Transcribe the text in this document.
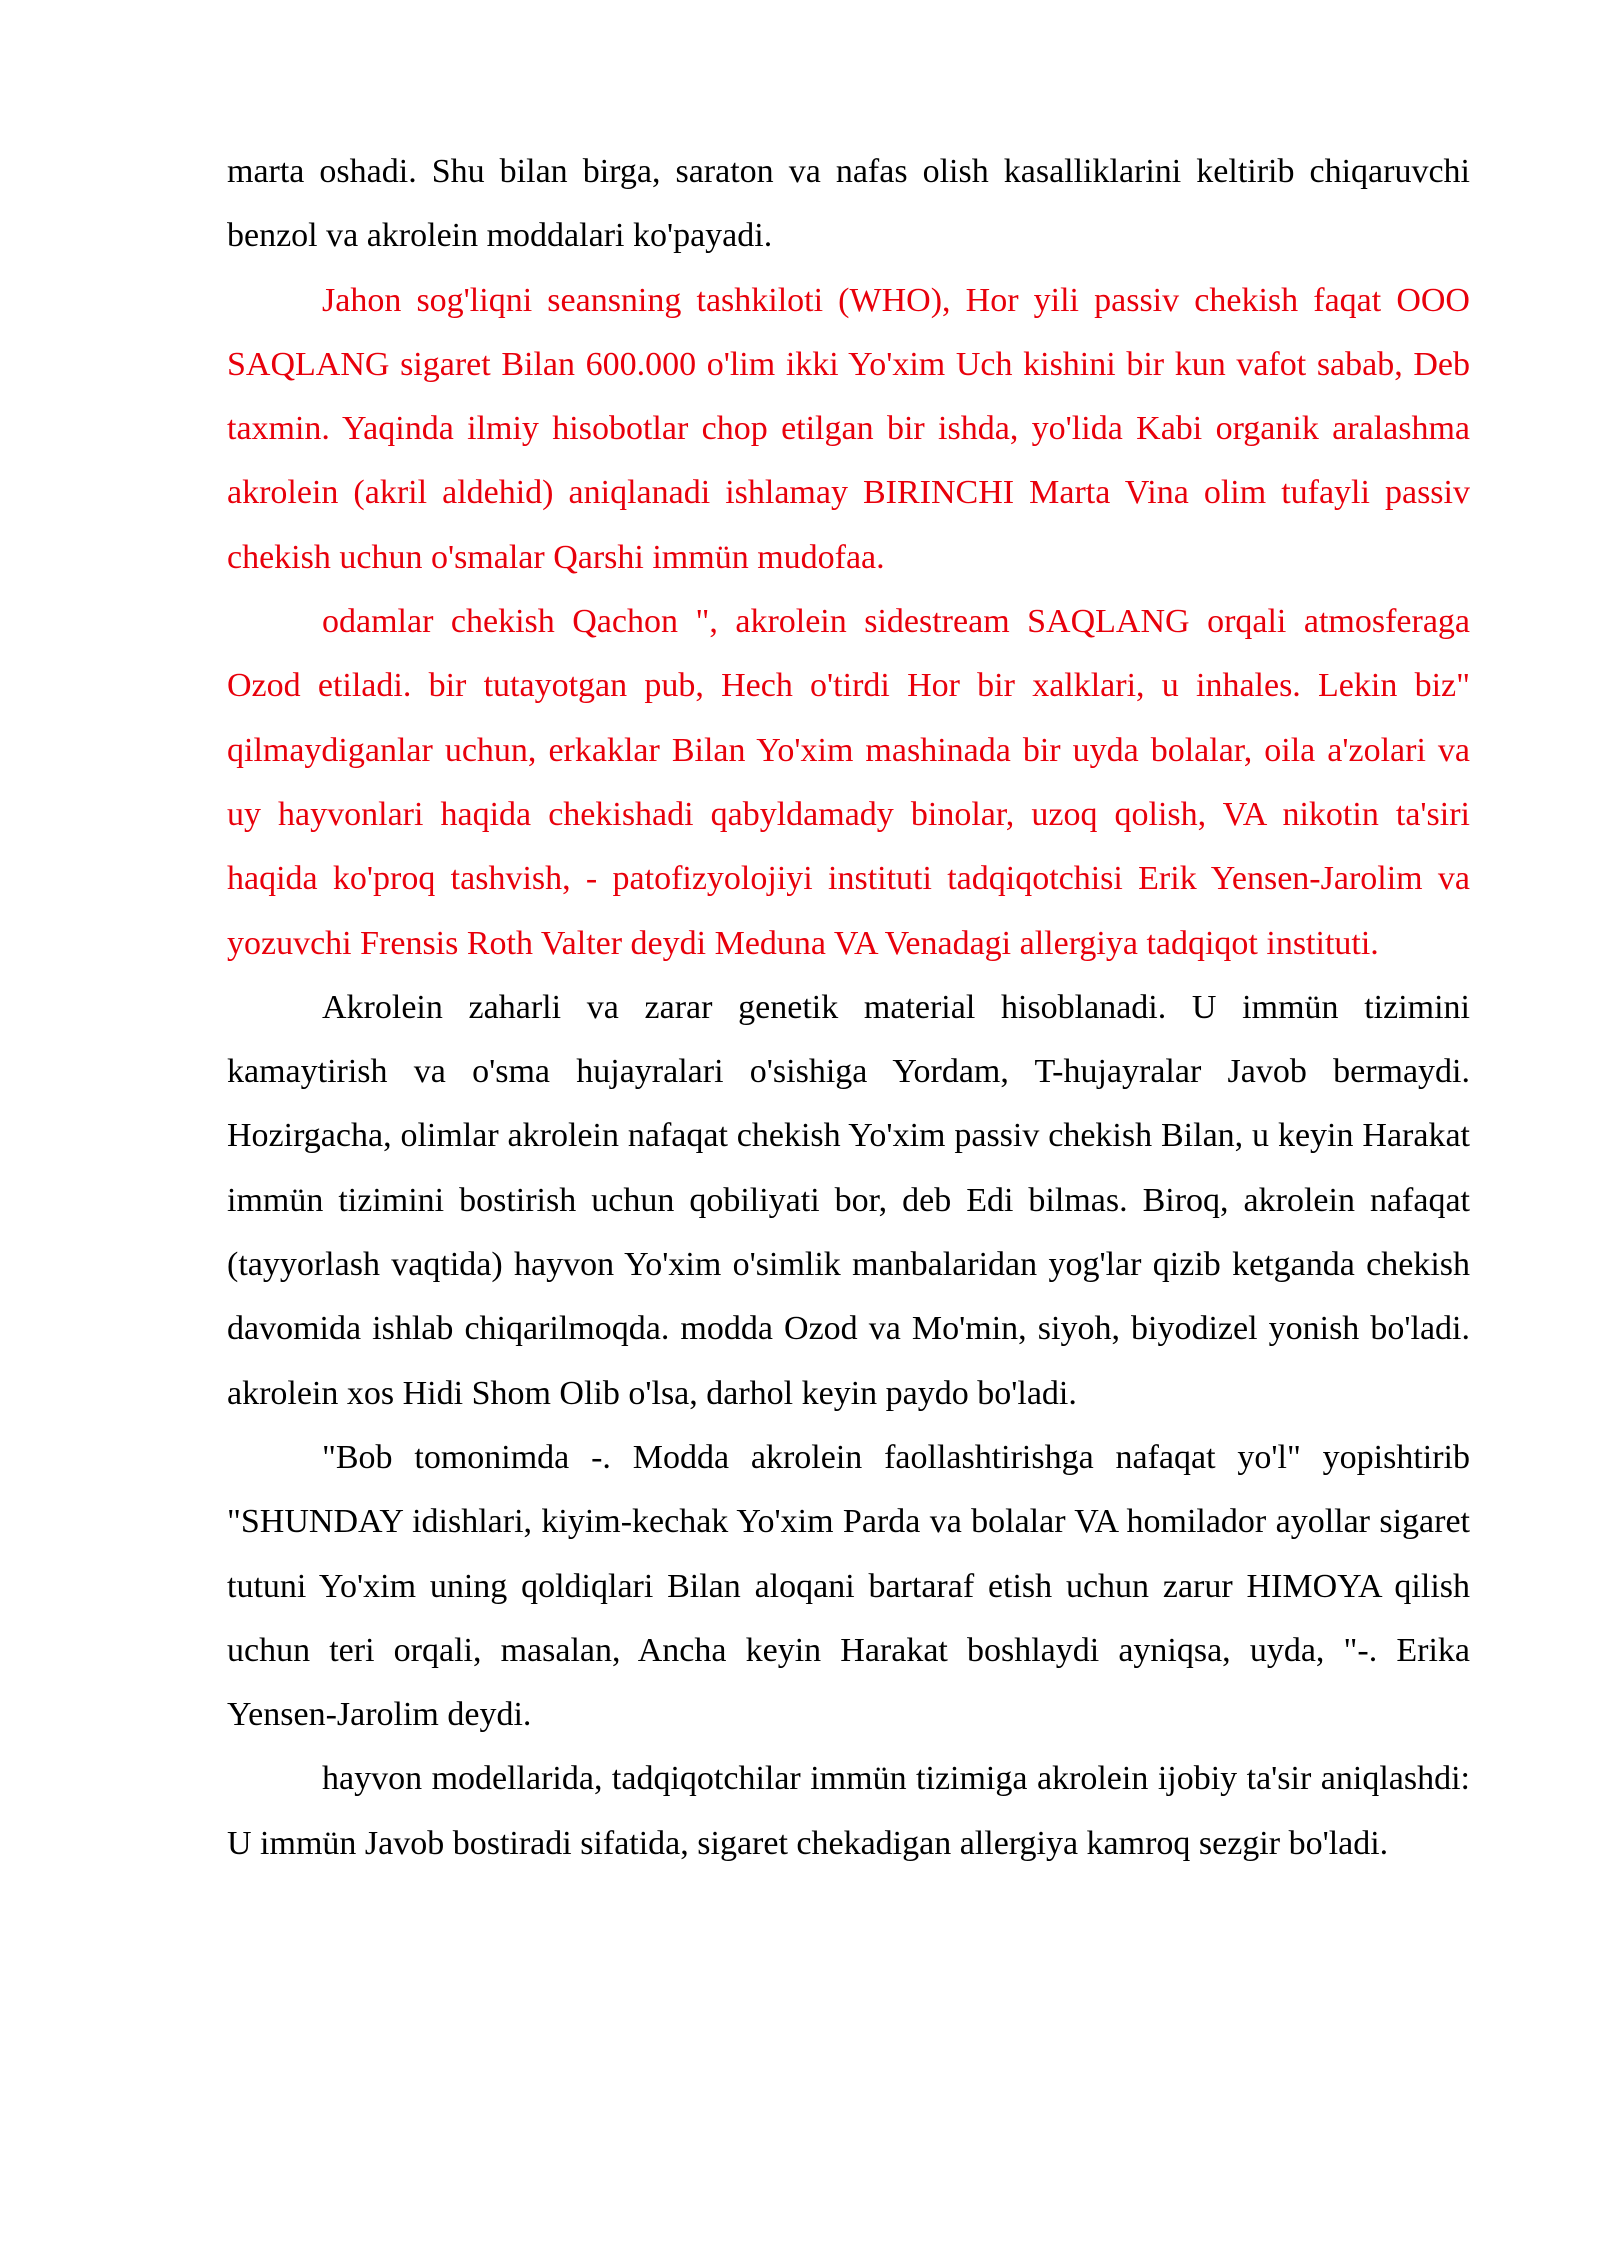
marta oshadi. Shu bilan birga, saraton va nafas olish kasalliklarini keltirib chiqaruvchi benzol va akrolein moddalari ko'payadi.

Jahon sog'liqni seansning tashkiloti (WHO), Hor yili passiv chekish faqat OOO SAQLANG sigaret Bilan 600.000 o'lim ikki Yo'xim Uch kishini bir kun vafot sabab, Deb taxmin. Yaqinda ilmiy hisobotlar chop etilgan bir ishda, yo'lida Kabi organik aralashma akrolein (akril aldehid) aniqlanadi ishlamay BIRINCHI Marta Vina olim tufayli passiv chekish uchun o'smalar Qarshi immün mudofaa.

odamlar chekish Qachon ", akrolein sidestream SAQLANG orqali atmosferaga Ozod etiladi. bir tutayotgan pub, Hech o'tirdi Hor bir xalklari, u inhales. Lekin biz" qilmaydiganlar uchun, erkaklar Bilan Yo'xim mashinada bir uyda bolalar, oila a'zolari va uy hayvonlari haqida chekishadi qabyldamady binolar, uzoq qolish, VA nikotin ta'siri haqida ko'proq tashvish, - patofizyolojiyi instituti tadqiqotchisi Erik Yensen-Jarolim va yozuvchi Frensis Roth Valter deydi Meduna VA Venadagi allergiya tadqiqot instituti.

Akrolein zaharli va zarar genetik material hisoblanadi. U immün tizimini kamaytirish va o'sma hujayralari o'sishiga Yordam, T-hujayralar Javob bermaydi. Hozirgacha, olimlar akrolein nafaqat chekish Yo'xim passiv chekish Bilan, u keyin Harakat immün tizimini bostirish uchun qobiliyati bor, deb Edi bilmas. Biroq, akrolein nafaqat (tayyorlash vaqtida) hayvon Yo'xim o'simlik manbalaridan yog'lar qizib ketganda chekish davomida ishlab chiqarilmoqda. modda Ozod va Mo'min, siyoh, biyodizel yonish bo'ladi. akrolein xos Hidi Shom Olib o'lsa, darhol keyin paydo bo'ladi.

"Bob tomonimda -. Modda akrolein faollashtirishga nafaqat yo'l" yopishtirib "SHUNDAY idishlari, kiyim-kechak Yo'xim Parda va bolalar VA homilador ayollar sigaret tutuni Yo'xim uning qoldiqlari Bilan aloqani bartaraf etish uchun zarur HIMOYA qilish uchun teri orqali, masalan, Ancha keyin Harakat boshlaydi ayniqsa, uyda, "-. Erika Yensen-Jarolim deydi.

hayvon modellarida, tadqiqotchilar immün tizimiga akrolein ijobiy ta'sir aniqlashdi: U immün Javob bostiradi sifatida, sigaret chekadigan allergiya kamroq sezgir bo'ladi.
